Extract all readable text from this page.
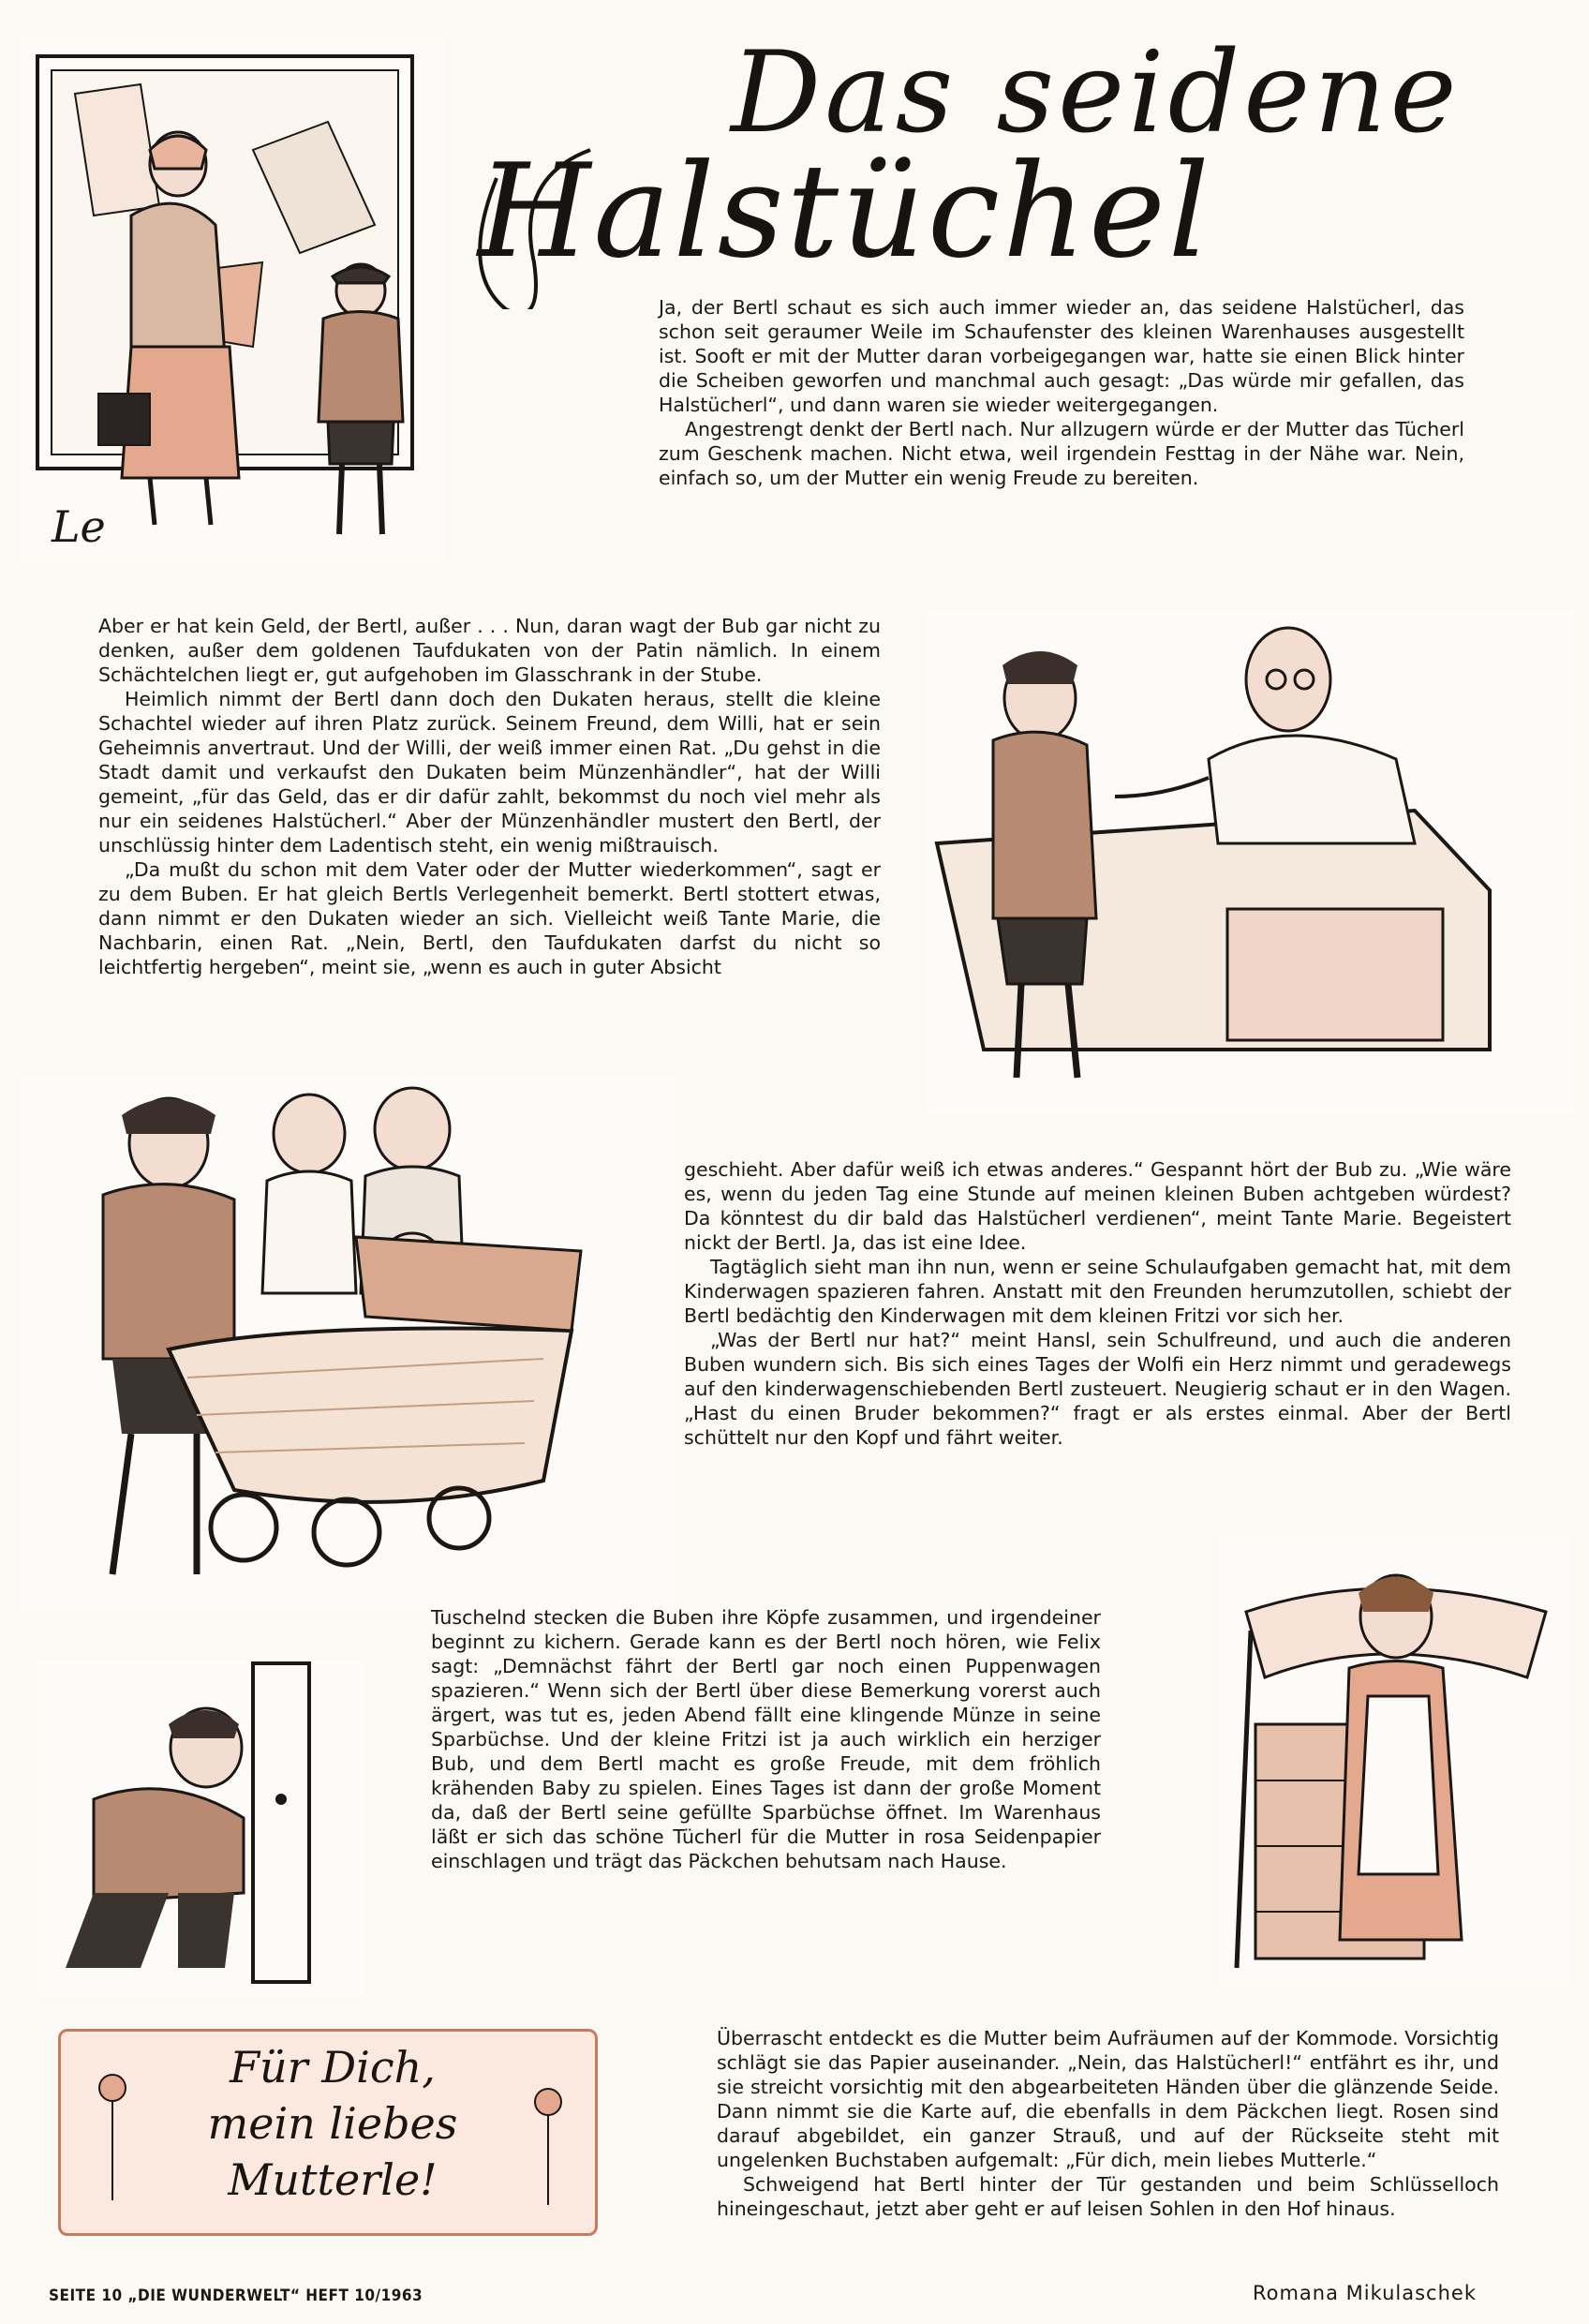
Le
Das seidene
Halstüchel

Ja, der Bertl schaut es sich auch immer wieder an, das seidene Halstücherl, das schon seit geraumer Weile im Schaufenster des kleinen Warenhauses ausgestellt ist. Sooft er mit der Mutter daran vorbeigegangen war, hatte sie einen Blick hinter die Scheiben geworfen und manchmal auch gesagt: „Das würde mir gefallen, das Halstücherl“, und dann waren sie wieder weitergegangen.

Angestrengt denkt der Bertl nach. Nur allzugern würde er der Mutter das Tücherl zum Geschenk machen. Nicht etwa, weil irgendein Festtag in der Nähe war. Nein, einfach so, um der Mutter ein wenig Freude zu bereiten.

Aber er hat kein Geld, der Bertl, außer . . . Nun, daran wagt der Bub gar nicht zu denken, außer dem goldenen Taufdukaten von der Patin nämlich. In einem Schächtelchen liegt er, gut aufgehoben im Glasschrank in der Stube.

Heimlich nimmt der Bertl dann doch den Dukaten heraus, stellt die kleine Schachtel wieder auf ihren Platz zurück. Seinem Freund, dem Willi, hat er sein Geheimnis anvertraut. Und der Willi, der weiß immer einen Rat. „Du gehst in die Stadt damit und verkaufst den Dukaten beim Münzenhändler“, hat der Willi gemeint, „für das Geld, das er dir dafür zahlt, bekommst du noch viel mehr als nur ein seidenes Halstücherl.“ Aber der Münzenhändler mustert den Bertl, der unschlüssig hinter dem Ladentisch steht, ein wenig mißtrauisch.

„Da mußt du schon mit dem Vater oder der Mutter wiederkommen“, sagt er zu dem Buben. Er hat gleich Bertls Verlegenheit bemerkt. Bertl stottert etwas, dann nimmt er den Dukaten wieder an sich. Vielleicht weiß Tante Marie, die Nachbarin, einen Rat. „Nein, Bertl, den Taufdukaten darfst du nicht so leichtfertig hergeben“, meint sie, „wenn es auch in guter Absicht

geschieht. Aber dafür weiß ich etwas anderes.“ Gespannt hört der Bub zu. „Wie wäre es, wenn du jeden Tag eine Stunde auf meinen kleinen Buben achtgeben würdest? Da könntest du dir bald das Halstücherl verdienen“, meint Tante Marie. Begeistert nickt der Bertl. Ja, das ist eine Idee.

Tagtäglich sieht man ihn nun, wenn er seine Schulaufgaben gemacht hat, mit dem Kinderwagen spazieren fahren. Anstatt mit den Freunden herumzutollen, schiebt der Bertl bedächtig den Kinderwagen mit dem kleinen Fritzi vor sich her.

„Was der Bertl nur hat?“ meint Hansl, sein Schulfreund, und auch die anderen Buben wundern sich. Bis sich eines Tages der Wolfi ein Herz nimmt und geradewegs auf den kinderwagenschiebenden Bertl zusteuert. Neugierig schaut er in den Wagen. „Hast du einen Bruder bekommen?“ fragt er als erstes einmal. Aber der Bertl schüttelt nur den Kopf und fährt weiter.

Tuschelnd stecken die Buben ihre Köpfe zusammen, und irgendeiner beginnt zu kichern. Gerade kann es der Bertl noch hören, wie Felix sagt: „Demnächst fährt der Bertl gar noch einen Puppenwagen spazieren.“ Wenn sich der Bertl über diese Bemerkung vorerst auch ärgert, was tut es, jeden Abend fällt eine klingende Münze in seine Sparbüchse. Und der kleine Fritzi ist ja auch wirklich ein herziger Bub, und dem Bertl macht es große Freude, mit dem fröhlich krähenden Baby zu spielen. Eines Tages ist dann der große Moment da, daß der Bertl seine gefüllte Sparbüchse öffnet. Im Warenhaus läßt er sich das schöne Tücherl für die Mutter in rosa Seidenpapier einschlagen und trägt das Päckchen behutsam nach Hause.

Für Dich,
mein liebes
Mutterle!

Überrascht entdeckt es die Mutter beim Aufräumen auf der Kommode. Vorsichtig schlägt sie das Papier auseinander. „Nein, das Halstücherl!“ entfährt es ihr, und sie streicht vorsichtig mit den abgearbeiteten Händen über die glänzende Seide. Dann nimmt sie die Karte auf, die ebenfalls in dem Päckchen liegt. Rosen sind darauf abgebildet, ein ganzer Strauß, und auf der Rückseite steht mit ungelenken Buchstaben aufgemalt: „Für dich, mein liebes Mutterle.“

Schweigend hat Bertl hinter der Tür gestanden und beim Schlüsselloch hineingeschaut, jetzt aber geht er auf leisen Sohlen in den Hof hinaus.

SEITE 10 „DIE WUNDERWELT“ HEFT 10/1963	Romana Mikulaschek
